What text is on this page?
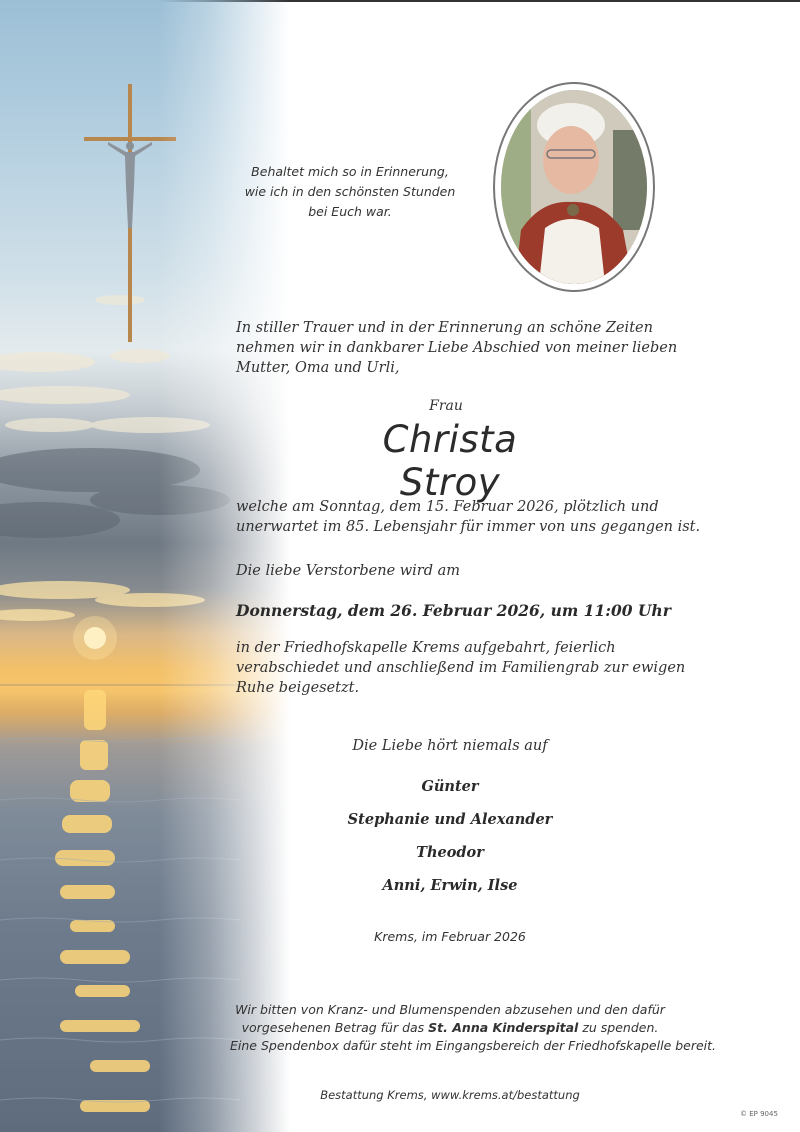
Behaltet mich so in Erinnerung,
wie ich in den schönsten Stunden
bei Euch war.
In stiller Trauer und in der Erinnerung an schöne Zeiten
nehmen wir in dankbarer Liebe Abschied von meiner lieben
Mutter, Oma und Urli,
Frau
Christa Stroy
welche am Sonntag, dem 15. Februar 2026, plötzlich und
unerwartet im 85. Lebensjahr für immer von uns gegangen ist.
Die liebe Verstorbene wird am
Donnerstag, dem 26. Februar 2026, um 11:00 Uhr
in der Friedhofskapelle Krems aufgebahrt, feierlich
verabschiedet und anschließend im Familiengrab zur ewigen
Ruhe beigesetzt.
Die Liebe hört niemals auf
Günter
Stephanie und Alexander
Theodor
Anni, Erwin, Ilse
Krems, im Februar 2026
Wir bitten von Kranz- und Blumenspenden abzusehen und den dafür
vorgesehenen Betrag für das St. Anna Kinderspital zu spenden.
Eine Spendenbox dafür steht im Eingangsbereich der Friedhofskapelle bereit.
Bestattung Krems, www.krems.at/bestattung
© EP 9045
